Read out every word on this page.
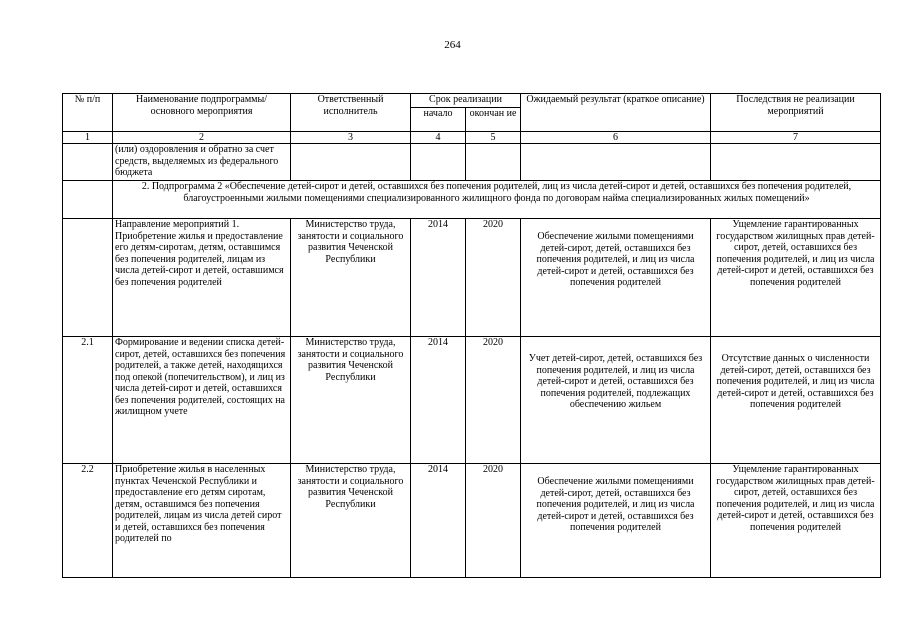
264
№ п/п	Наименование подпрограммы/ основного мероприятия	Ответственный исполнитель	Срок реализации		Ожидаемый результат (краткое описание)	Последствия не реализации мероприятий
			начало	окончан ие		
1	2	3	4	5	6	7
	(или) оздоровления и обратно за счет средств, выделяемых из федерального бюджета					
	2. Подпрограмма 2 «Обеспечение детей-сирот и детей, оставшихся без попечения родителей, лиц из числа детей-сирот и детей, оставшихся без попечения родителей, благоустроенными жилыми помещениями специализированного жилищного фонда по договорам найма специализированных жилых помещений»					
	Направление мероприятий 1. Приобретение жилья и предоставление его детям-сиротам, детям, оставшимся без попечения родителей, лицам из числа детей-сирот и детей, оставшимся без попечения родителей	Министерство труда, занятости и социального развития Чеченской Республики	2014	2020	Обеспечение жилыми помещениями детей-сирот, детей, оставшихся без попечения родителей, и лиц из числа детей-сирот и детей, оставшихся без попечения родителей	Ущемление гарантированных государством жилищных прав детей-сирот, детей, оставшихся без попечения родителей, и лиц из числа детей-сирот и детей, оставшихся без попечения родителей
2.1	Формирование и ведении списка детей-сирот, детей, оставшихся без попечения родителей, а также детей, находящихся под опекой (попечительством), и лиц из числа детей-сирот и детей, оставшихся без попечения родителей, состоящих на жилищном учете	Министерство труда, занятости и социального развития Чеченской Республики	2014	2020	Учет детей-сирот, детей, оставшихся без попечения родителей, и лиц из числа детей-сирот и детей, оставшихся без попечения родителей, подлежащих обеспечению жильем	Отсутствие данных о численности детей-сирот, детей, оставшихся без попечения родителей, и лиц из числа детей-сирот и детей, оставшихся без попечения родителей
2.2	Приобретение жилья в населенных пунктах Чеченской Республики и предоставление его детям сиротам, детям, оставшимся без попечения родителей, лицам из числа детей сирот и детей, оставшихся без попечения родителей по	Министерство труда, занятости и социального развития Чеченской Республики	2014	2020	Обеспечение жилыми помещениями детей-сирот, детей, оставшихся без попечения родителей, и лиц из числа детей-сирот и детей, оставшихся без попечения родителей	Ущемление гарантированных государством жилищных прав детей-сирот, детей, оставшихся без попечения родителей, и лиц из числа детей-сирот и детей, оставшихся без попечения родителей
